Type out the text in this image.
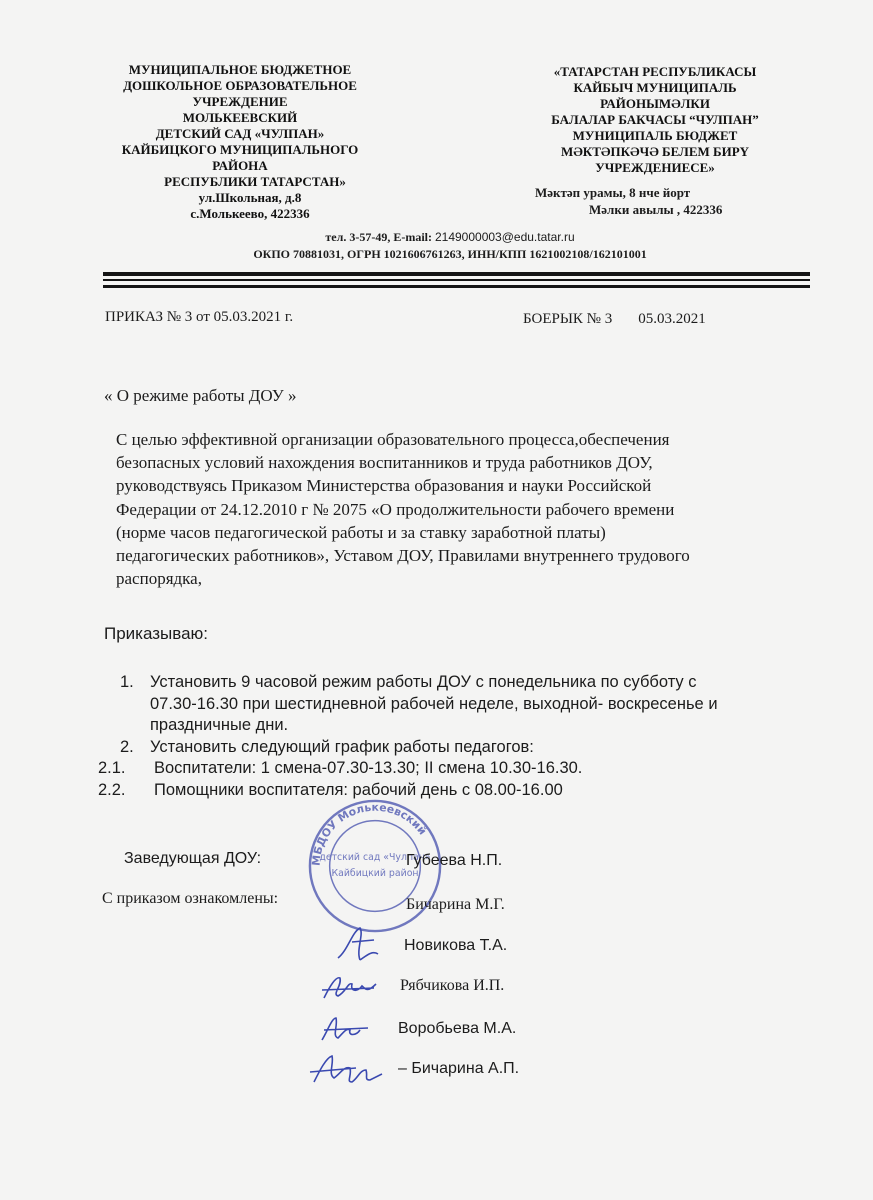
МУНИЦИПАЛЬНОЕ БЮДЖЕТНОЕ
ДОШКОЛЬНОЕ ОБРАЗОВАТЕЛЬНОЕ
УЧРЕЖДЕНИЕ
МОЛЬКЕЕВСКИЙ
ДЕТСКИЙ САД «ЧУЛПАН»
КАЙБИЦКОГО МУНИЦИПАЛЬНОГО
РАЙОНА
РЕСПУБЛИКИ ТАТАРСТАН»
ул.Школьная, д.8
с.Молькеево, 422336
«ТАТАРСТАН РЕСПУБЛИКАСЫ
КАЙБЫЧ МУНИЦИПАЛЬ
РАЙОНЫМӘЛКИ
БАЛАЛАР БАКЧАСЫ “ЧУЛПАН”
МУНИЦИПАЛЬ БЮДЖЕТ
МӘКТӘПКӘЧӘ БЕЛЕМ БИРҮ
УЧРЕЖДЕНИЕСЕ»
Мәктәп урамы, 8 нче йорт
Мәлки авылы , 422336
тел. 3-57-49, E-mail: 2149000003@edu.tatar.ru
ОКПО 70881031, ОГРН 1021606761263, ИНН/КПП 1621002108/162101001
ПРИКАЗ № 3 от 05.03.2021 г.	БОЕРЫК № 3 05.03.2021
« О режиме работы ДОУ »
С целью эффективной организации образовательного процесса,обеспечения
безопасных условий нахождения воспитанников и труда работников ДОУ,
руководствуясь Приказом Министерства образования и науки Российской
Федерации от 24.12.2010 г № 2075 «О продолжительности рабочего времени
(норме часов педагогической работы и за ставку заработной платы)
педагогических работников», Уставом ДОУ, Правилами внутреннего трудового
распорядка,
Приказываю:
1. Установить 9 часовой режим работы ДОУ с понедельника по субботу с
07.30-16.30 при шестидневной рабочей неделе, выходной- воскресенье и
праздничные дни.
2. Установить следующий график работы педагогов:
2.1.	Воспитатели: 1 смена-07.30-13.30; II смена 10.30-16.30.
2.2.	Помощники воспитателя: рабочий день с 08.00-16.00
МБДОУ Молькеевский
детский сад «Чулпан»
Кайбицкий район
Заведующая ДОУ:	Губеева Н.П.
С приказом ознакомлены:	Бичарина М.Г.
Новикова Т.А.
Рябчикова И.П.
Воробьева М.А.
– Бичарина А.П.
